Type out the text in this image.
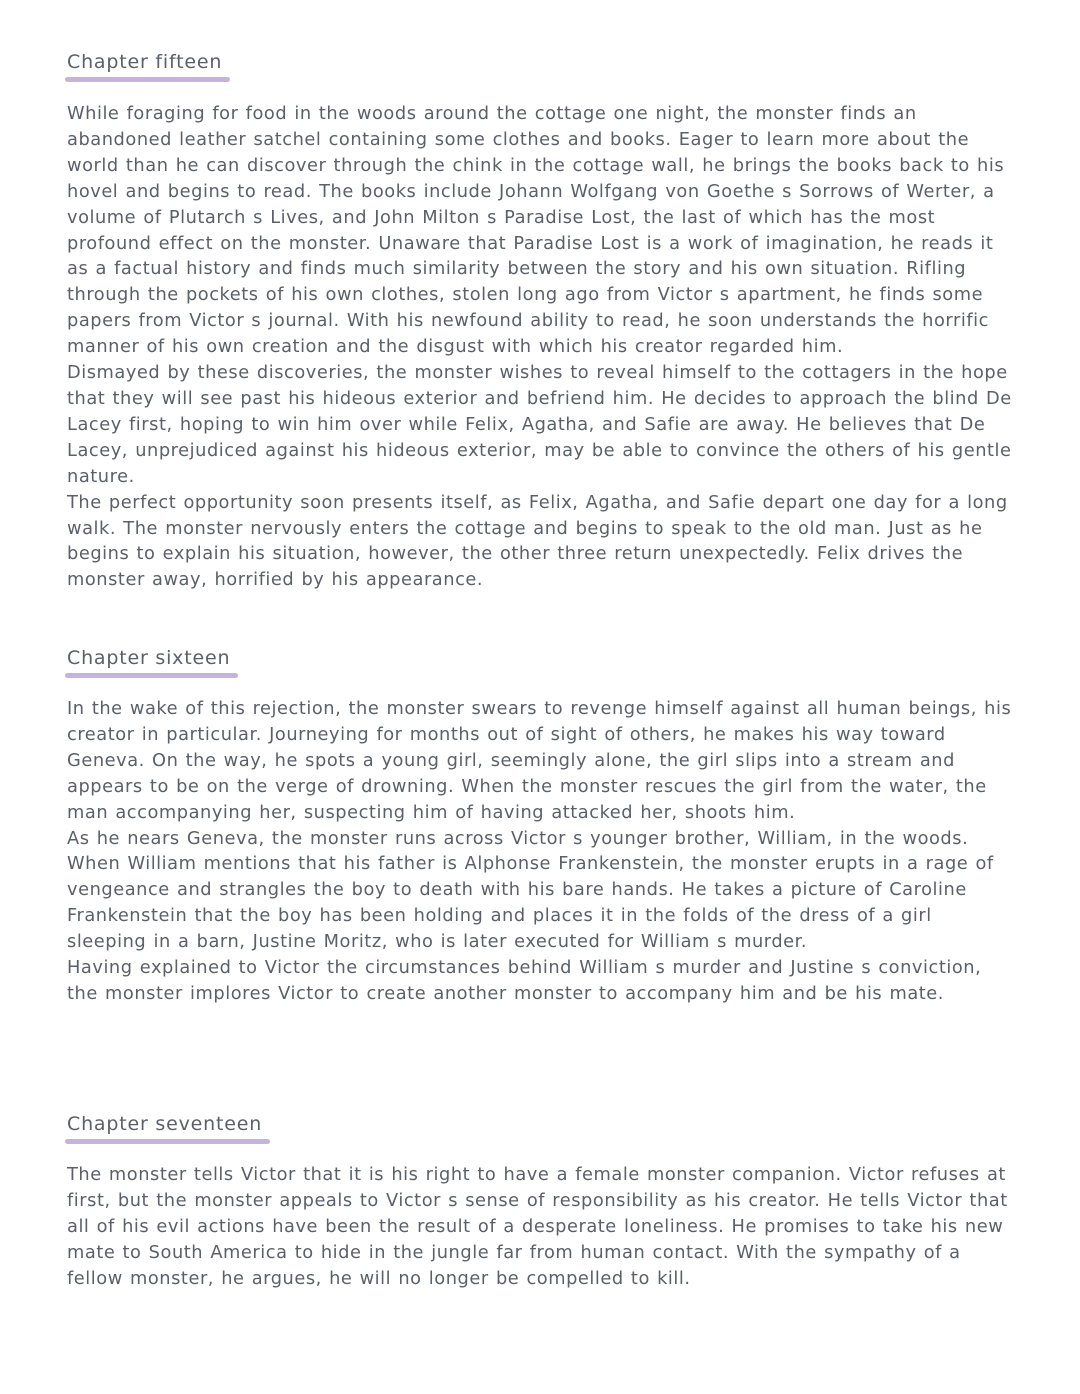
Chapter fifteen

While foraging for food in the woods around the cottage one night, the monster finds an abandoned leather satchel containing some clothes and books. Eager to learn more about the world than he can discover through the chink in the cottage wall, he brings the books back to his hovel and begins to read. The books include Johann Wolfgang von Goethe s Sorrows of Werter, a volume of Plutarch s Lives, and John Milton s Paradise Lost, the last of which has the most profound effect on the monster. Unaware that Paradise Lost is a work of imagination, he reads it as a factual history and finds much similarity between the story and his own situation. Rifling through the pockets of his own clothes, stolen long ago from Victor s apartment, he finds some papers from Victor s journal. With his newfound ability to read, he soon understands the horrific manner of his own creation and the disgust with which his creator regarded him.

Dismayed by these discoveries, the monster wishes to reveal himself to the cottagers in the hope that they will see past his hideous exterior and befriend him. He decides to approach the blind De Lacey first, hoping to win him over while Felix, Agatha, and Safie are away. He believes that De Lacey, unprejudiced against his hideous exterior, may be able to convince the others of his gentle nature.

The perfect opportunity soon presents itself, as Felix, Agatha, and Safie depart one day for a long walk. The monster nervously enters the cottage and begins to speak to the old man. Just as he begins to explain his situation, however, the other three return unexpectedly. Felix drives the monster away, horrified by his appearance.

Chapter sixteen

In the wake of this rejection, the monster swears to revenge himself against all human beings, his creator in particular. Journeying for months out of sight of others, he makes his way toward Geneva. On the way, he spots a young girl, seemingly alone, the girl slips into a stream and appears to be on the verge of drowning. When the monster rescues the girl from the water, the man accompanying her, suspecting him of having attacked her, shoots him.

As he nears Geneva, the monster runs across Victor s younger brother, William, in the woods. When William mentions that his father is Alphonse Frankenstein, the monster erupts in a rage of vengeance and strangles the boy to death with his bare hands. He takes a picture of Caroline Frankenstein that the boy has been holding and places it in the folds of the dress of a girl sleeping in a barn, Justine Moritz, who is later executed for William s murder.

Having explained to Victor the circumstances behind William s murder and Justine s conviction, the monster implores Victor to create another monster to accompany him and be his mate.

Chapter seventeen

The monster tells Victor that it is his right to have a female monster companion. Victor refuses at first, but the monster appeals to Victor s sense of responsibility as his creator. He tells Victor that all of his evil actions have been the result of a desperate loneliness. He promises to take his new mate to South America to hide in the jungle far from human contact. With the sympathy of a fellow monster, he argues, he will no longer be compelled to kill.
